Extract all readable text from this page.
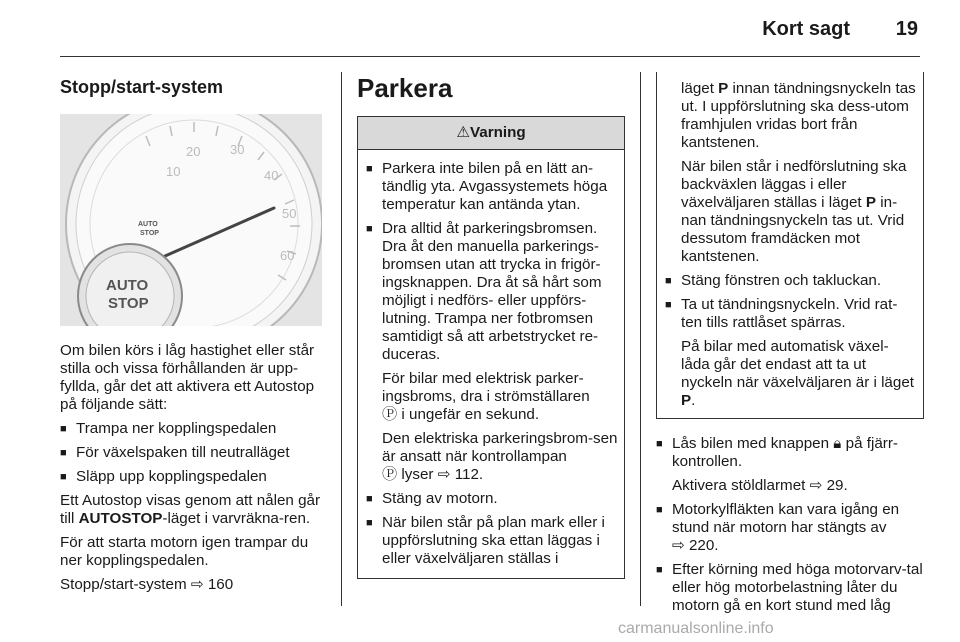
Kort sagt 19
Stopp/start-system
10
20 30
40
50
60
AUTO
STOP
AUTO
STOP

Om bilen körs i låg hastighet eller står stilla och vissa förhållanden är upp-fyllda, går det att aktivera ett Autostop på följande sätt:

■ Trampa ner kopplingspedalen
■ För växelspaken till neutralläget
■ Släpp upp kopplingspedalen

Ett Autostop visas genom att nålen går till AUTOSTOP-läget i varvräkna-ren.

För att starta motorn igen trampar du ner kopplingspedalen.

Stopp/start-system ⇨ 160

Parkera
⚠Varning
■ Parkera inte bilen på en lätt an-tändlig yta. Avgassystemets höga temperatur kan antända ytan.
■ Dra alltid åt parkeringsbromsen. Dra åt den manuella parkerings-bromsen utan att trycka in frigör-ingsknappen. Dra åt så hårt som möjligt i nedförs- eller uppförs-lutning. Trampa ner fotbromsen samtidigt så att arbetstrycket re-duceras.

För bilar med elektrisk parker-ingsbroms, dra i strömställaren
Ⓟ i ungefär en sekund.

Den elektriska parkeringsbrom-sen är ansatt när kontrollampan
Ⓟ lyser ⇨ 112.

■ Stäng av motorn.
■ När bilen står på plan mark eller i uppförslutning ska ettan läggas i eller växelväljaren ställas i

läget P innan tändningsnyckeln tas ut. I uppförslutning ska dess-utom framhjulen vridas bort från kantstenen.

När bilen står i nedförslutning ska backväxlen läggas i eller växelväljaren ställas i läget P in-nan tändningsnyckeln tas ut. Vrid dessutom framdäcken mot kantstenen.

■ Stäng fönstren och takluckan.
■ Ta ut tändningsnyckeln. Vrid rat-ten tills rattlåset spärras.

På bilar med automatisk växel-låda går det endast att ta ut nyckeln när växelväljaren är i läget P.

■ Lås bilen med knappen 🔒︎ på fjärr-kontrollen.

Aktivera stöldlarmet ⇨ 29.

■ Motorkylfläkten kan vara igång en stund när motorn har stängts av
⇨ 220.
■ Efter körning med höga motorvarv-tal eller hög motorbelastning låter du motorn gå en kort stund med låg
carmanualsonline.info
